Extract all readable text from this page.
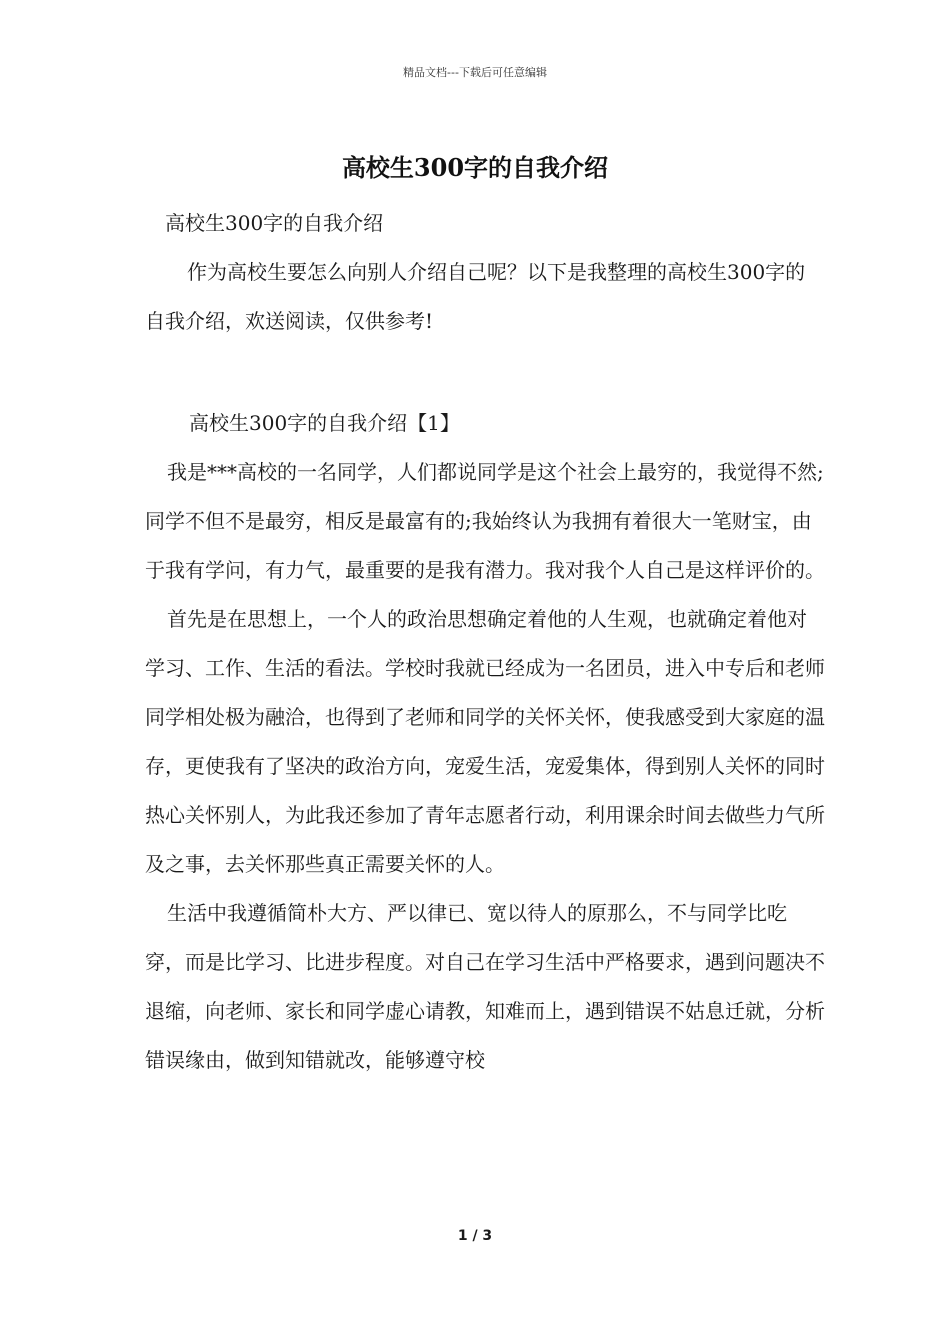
精品文档---下载后可任意编辑
高校生300字的自我介绍
高校生300字的自我介绍

作为高校生要怎么向别人介绍自己呢？以下是我整理的高校生300字的自我介绍，欢送阅读，仅供参考!

高校生300字的自我介绍【1】

我是***高校的一名同学，人们都说同学是这个社会上最穷的，我觉得不然;同学不但不是最穷，相反是最富有的;我始终认为我拥有着很大一笔财宝，由于我有学问，有力气，最重要的是我有潜力。我对我个人自己是这样评价的。

首先是在思想上，一个人的政治思想确定着他的人生观，也就确定着他对学习、工作、生活的看法。学校时我就已经成为一名团员，进入中专后和老师同学相处极为融洽，也得到了老师和同学的关怀关怀，使我感受到大家庭的温存，更使我有了坚决的政治方向，宠爱生活，宠爱集体，得到别人关怀的同时热心关怀别人，为此我还参加了青年志愿者行动，利用课余时间去做些力气所及之事，去关怀那些真正需要关怀的人。

生活中我遵循简朴大方、严以律已、宽以待人的原那么，不与同学比吃穿，而是比学习、比进步程度。对自己在学习生活中严格要求，遇到问题决不退缩，向老师、家长和同学虚心请教，知难而上，遇到错误不姑息迁就，分析错误缘由，做到知错就改，能够遵守校

1 / 3
